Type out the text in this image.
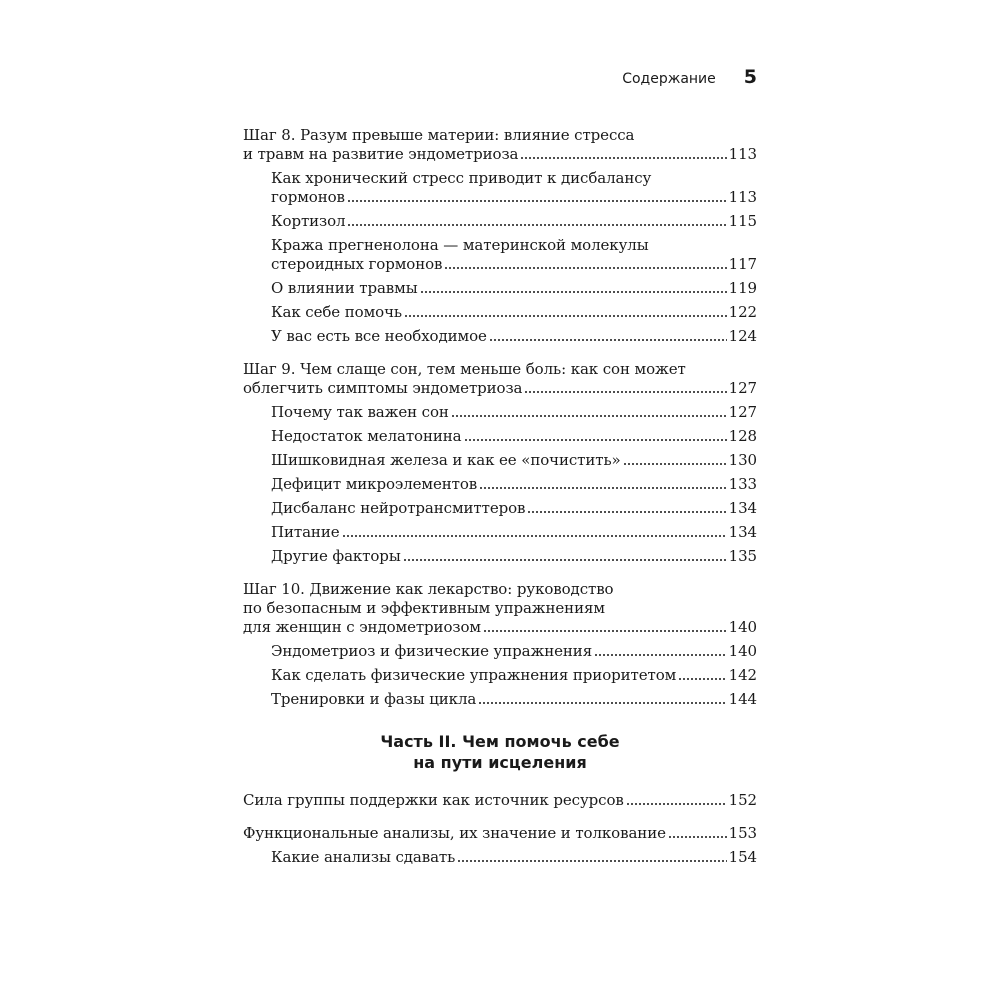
Содержание 5
Шаг 8. Разум превыше материи: влияние стресса
и травм на развитие эндометриоза	113
Как хронический стресс приводит к дисбалансу
гормонов	113
Кортизол	115
Кража прегненолона — материнской молекулы
стероидных гормонов	117
О влиянии травмы	119
Как себе помочь	122
У вас есть все необходимое	124
Шаг 9. Чем слаще сон, тем меньше боль: как сон может
облегчить симптомы эндометриоза	127
Почему так важен сон	127
Недостаток мелатонина	128
Шишковидная железа и как ее «почистить»	130
Дефицит микроэлементов	133
Дисбаланс нейротрансмиттеров	134
Питание	134
Другие факторы	135
Шаг 10. Движение как лекарство: руководство
по безопасным и эффективным упражнениям
для женщин с эндометриозом	140
Эндометриоз и физические упражнения	140
Как сделать физические упражнения приоритетом	142
Тренировки и фазы цикла	144
Часть II. Чем помочь себе
на пути исцеления
Сила группы поддержки как источник ресурсов	152
Функциональные анализы, их значение и толкование	153
Какие анализы сдавать	154
